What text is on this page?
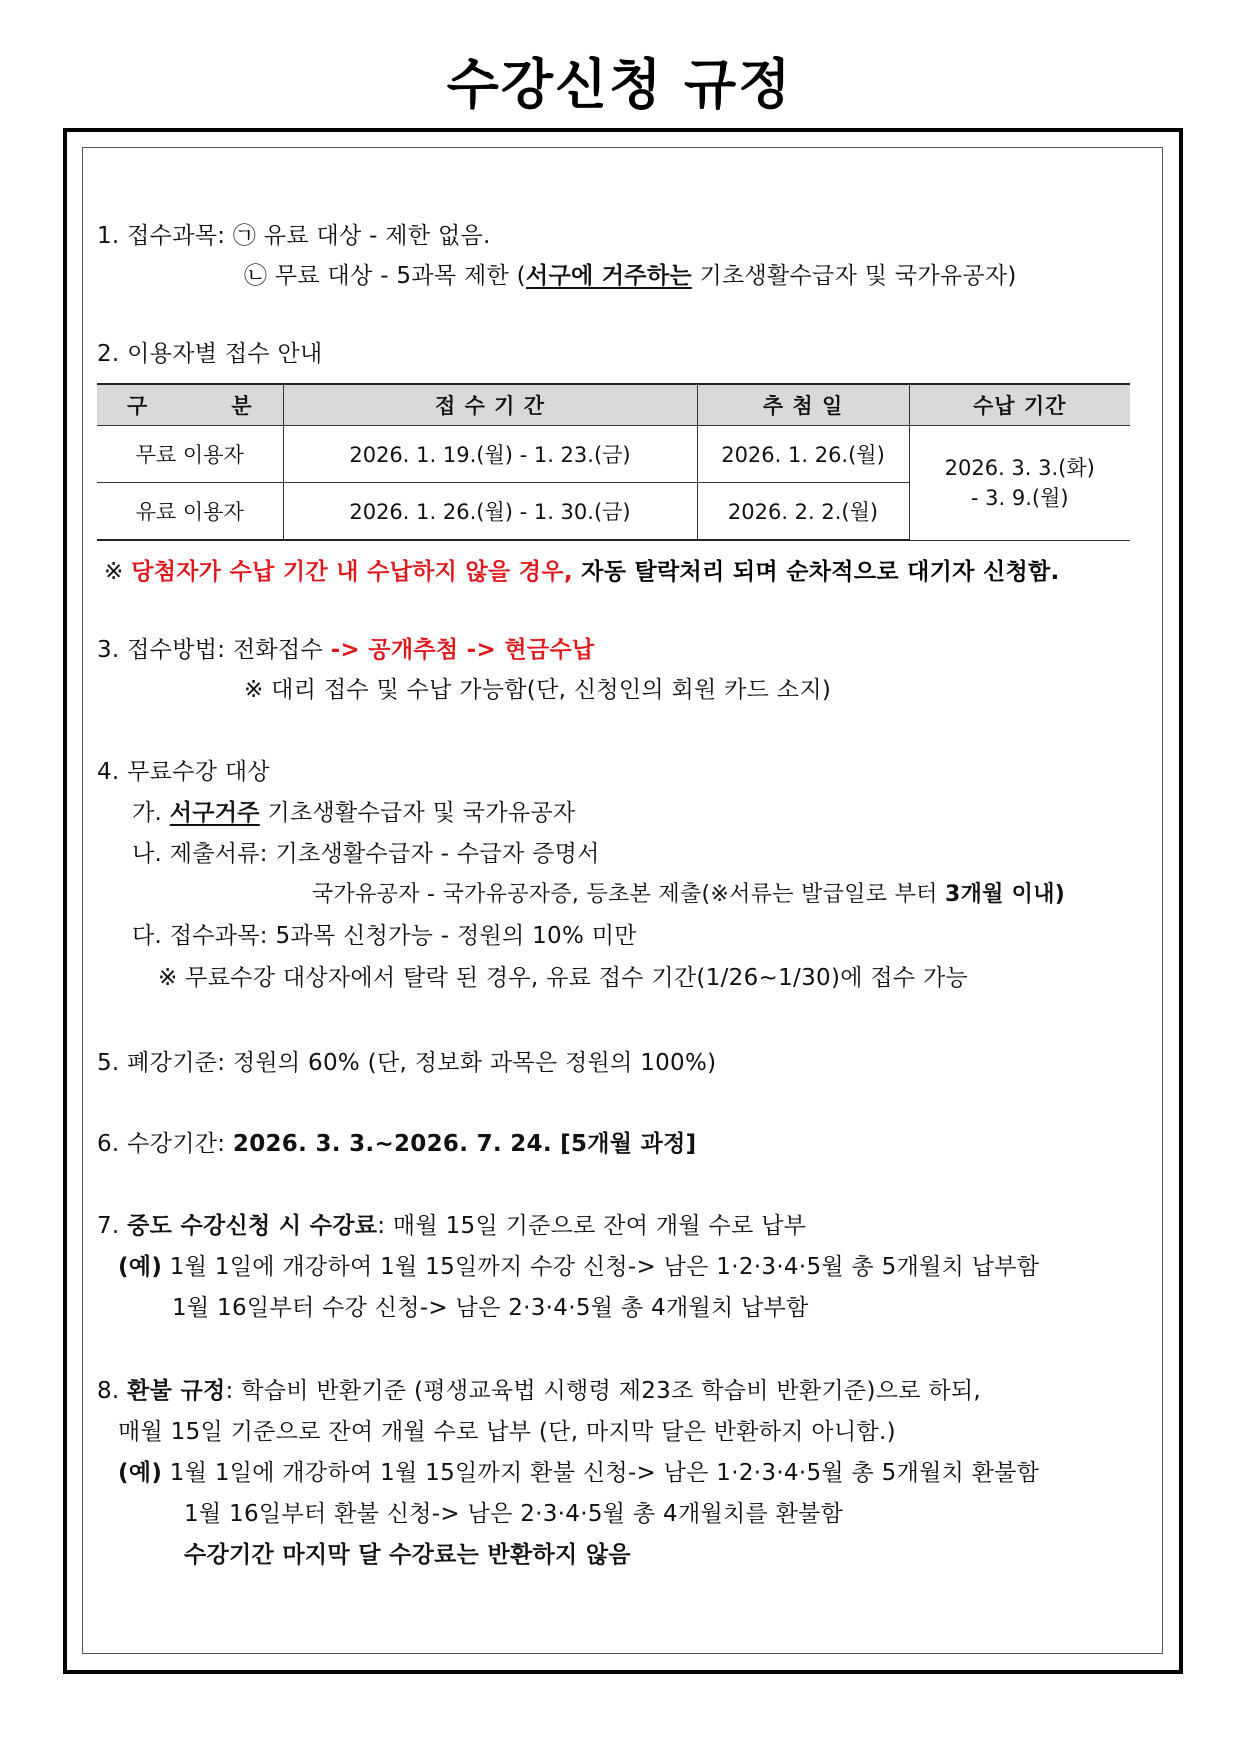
수강신청 규정
1. 접수과목: ㉠ 유료 대상 - 제한 없음.
㉡ 무료 대상 - 5과목 제한 (서구에 거주하는 기초생활수급자 및 국가유공자)
2. 이용자별 접수 안내
구 분	접 수 기 간	추 첨 일	수납 기간
무료 이용자	2026. 1. 19.(월) - 1. 23.(금)	2026. 1. 26.(월)	2026. 3. 3.(화)
- 3. 9.(월)

유료 이용자	2026. 1. 26.(월) - 1. 30.(금)	2026. 2. 2.(월)	
※ 당첨자가 수납 기간 내 수납하지 않을 경우, 자동 탈락처리 되며 순차적으로 대기자 신청함.
3. 접수방법: 전화접수 -> 공개추첨 -> 현금수납
※ 대리 접수 및 수납 가능함(단, 신청인의 회원 카드 소지)
4. 무료수강 대상
가. 서구거주 기초생활수급자 및 국가유공자
나. 제출서류: 기초생활수급자 - 수급자 증명서
국가유공자 - 국가유공자증, 등초본 제출(※서류는 발급일로 부터 3개월 이내)
다. 접수과목: 5과목 신청가능 - 정원의 10% 미만
※ 무료수강 대상자에서 탈락 된 경우, 유료 접수 기간(1/26~1/30)에 접수 가능
5. 폐강기준: 정원의 60% (단, 정보화 과목은 정원의 100%)
6. 수강기간: 2026. 3. 3.~2026. 7. 24. [5개월 과정]
7. 중도 수강신청 시 수강료: 매월 15일 기준으로 잔여 개월 수로 납부
(예) 1월 1일에 개강하여 1월 15일까지 수강 신청-> 남은 1·2·3·4·5월 총 5개월치 납부함
1월 16일부터 수강 신청-> 남은 2·3·4·5월 총 4개월치 납부함
8. 환불 규정: 학습비 반환기준 (평생교육법 시행령 제23조 학습비 반환기준)으로 하되,
매월 15일 기준으로 잔여 개월 수로 납부 (단, 마지막 달은 반환하지 아니함.)
(예) 1월 1일에 개강하여 1월 15일까지 환불 신청-> 남은 1·2·3·4·5월 총 5개월치 환불함
1월 16일부터 환불 신청-> 남은 2·3·4·5월 총 4개월치를 환불함
수강기간 마지막 달 수강료는 반환하지 않음
